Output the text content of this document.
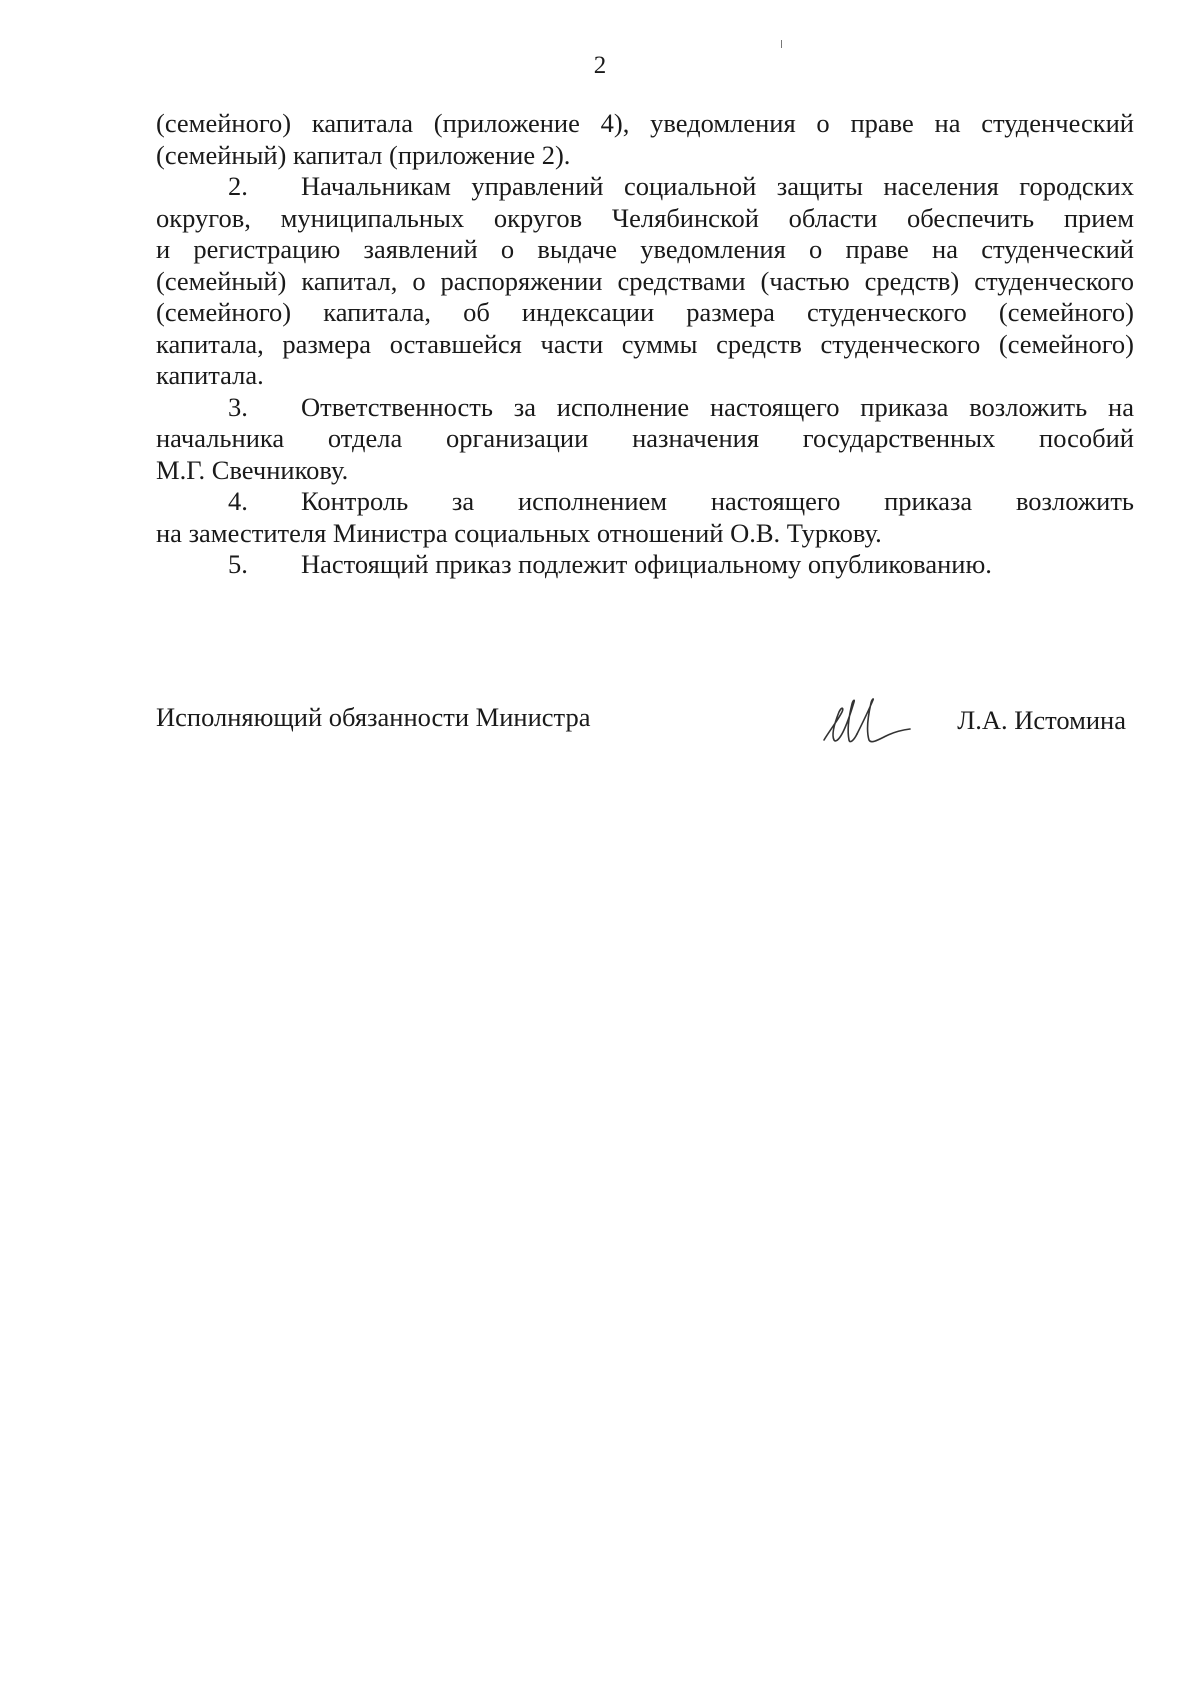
2
(семейного) капитала (приложение 4), уведомления о праве на студенческий
(семейный) капитал (приложение 2).
2.	Начальникам управлений социальной защиты населения городских
округов, муниципальных округов Челябинской области обеспечить прием
и регистрацию заявлений о выдаче уведомления о праве на студенческий
(семейный) капитал, о распоряжении средствами (частью средств) студенческого
(семейного) капитала, об индексации размера студенческого (семейного)
капитала, размера оставшейся части суммы средств студенческого (семейного)
капитала.
3.	Ответственность за исполнение настоящего приказа возложить на
начальника отдела организации назначения государственных пособий
М.Г. Свечникову.
4.	Контроль за исполнением настоящего приказа возложить
на заместителя Министра социальных отношений О.В. Туркову.
5.	Настоящий приказ подлежит официальному опубликованию.
Исполняющий обязанности Министра	Л.А. Истомина
